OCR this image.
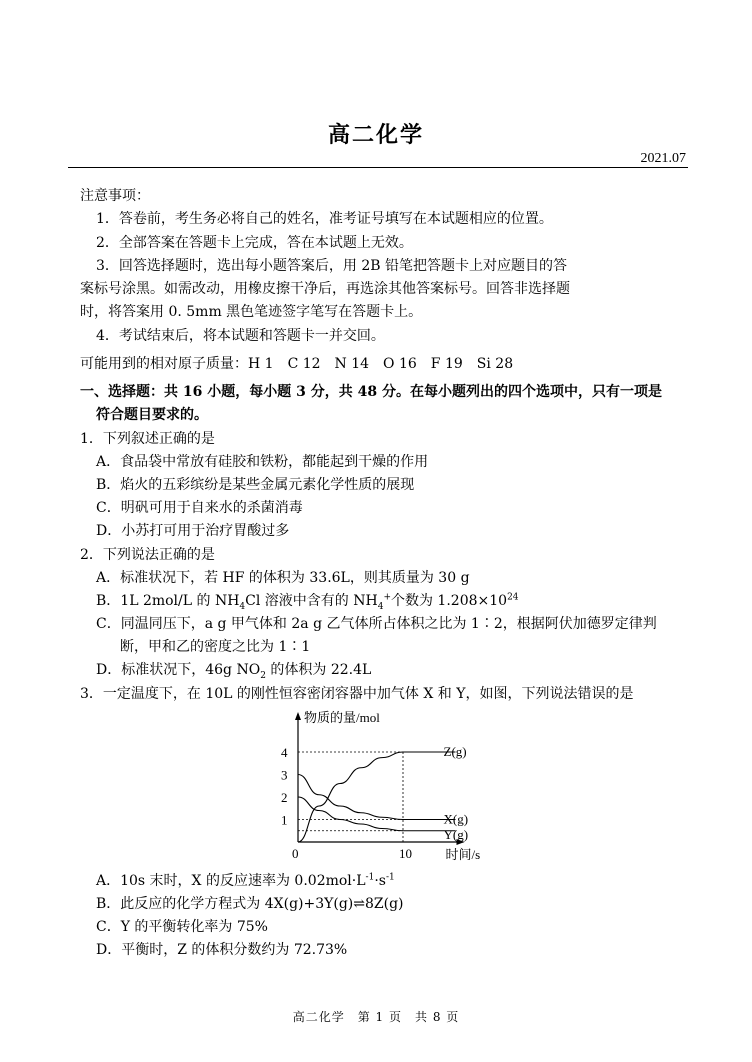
高二化学
2021.07
注意事项：
1．答卷前，考生务必将自己的姓名，准考证号填写在本试题相应的位置。
2．全部答案在答题卡上完成，答在本试题上无效。
3．回答选择题时，选出每小题答案后，用 2B 铅笔把答题卡上对应题目的答
案标号涂黑。如需改动，用橡皮擦干净后，再选涂其他答案标号。回答非选择题
时，将答案用 0. 5mm 黑色笔迹签字笔写在答题卡上。
4．考试结束后，将本试题和答题卡一并交回。
可能用到的相对原子质量：H 1　C 12　N 14　O 16　F 19　Si 28
一、选择题：共 16 小题，每小题 3 分，共 48 分。在每小题列出的四个选项中，只有一项是
符合题目要求的。
1．下列叙述正确的是
A．食品袋中常放有硅胶和铁粉，都能起到干燥的作用
B．焰火的五彩缤纷是某些金属元素化学性质的展现
C．明矾可用于自来水的杀菌消毒
D．小苏打可用于治疗胃酸过多
2．下列说法正确的是
A．标准状况下，若 HF 的体积为 33.6L，则其质量为 30 g
B．1L 2mol/L 的 $NH_4Cl$ 溶液中含有的 $NH_4^+$个数为 $1.208\times 10^{24}$
C．同温同压下，a g 甲气体和 2a g 乙气体所占体积之比为 1∶2，根据阿伏加德罗定律判
断，甲和乙的密度之比为 1∶1
D．标准状况下，46g $NO_2$ 的体积为 22.4L
3．一定温度下，在 10L 的刚性恒容密闭容器中加气体 X 和 Y，如图，下列说法错误的是
物质的量/mol
时间/s
1
2
3
4
0	10
Z(g)
X(g)
Y(g)
A．10s 末时，X 的反应速率为 $0.02mol\cdot L^{-1}\cdot s^{-1}$
B．此反应的化学方程式为 4X(g)+3Y(g)⇌8Z(g)
C．Y 的平衡转化率为 75%
D．平衡时，Z 的体积分数约为 72.73%
高二化学　第 1 页　共 8 页
